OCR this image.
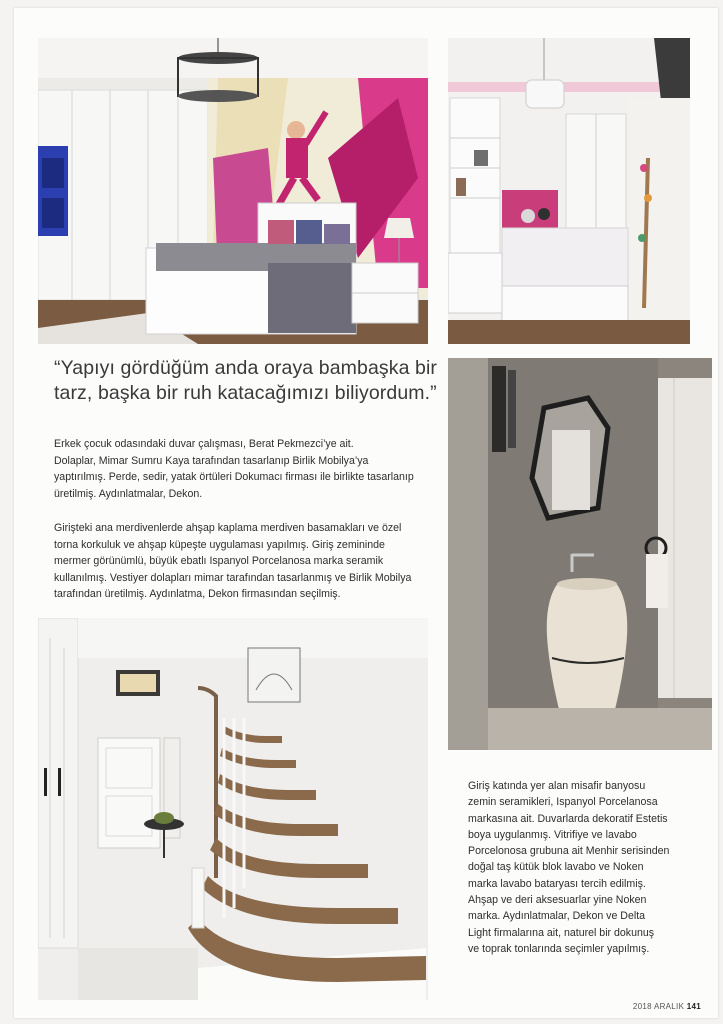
“Yapıyı gördüğüm anda oraya bambaşka bir
tarz, başka bir ruh katacağımızı biliyordum.”

Erkek çocuk odasındaki duvar çalışması, Berat Pekmezci’ye ait.

Dolaplar, Mimar Sumru Kaya tarafından tasarlanıp Birlik Mobilya’ya

yaptırılmış. Perde, sedir, yatak örtüleri Dokumacı firması ile birlikte tasarlanıp

üretilmiş. Aydınlatmalar, Dekon.

Girişteki ana merdivenlerde ahşap kaplama merdiven basamakları ve özel

torna korkuluk ve ahşap küpeşte uygulaması yapılmış. Giriş zemininde

mermer görünümlü, büyük ebatlı Ispanyol Porcelanosa marka seramik

kullanılmış. Vestiyer dolapları mimar tarafından tasarlanmış ve Birlik Mobilya

tarafından üretilmiş. Aydınlatma, Dekon firmasından seçilmiş.

Giriş katında yer alan misafir banyosu

zemin seramikleri, Ispanyol Porcelanosa

markasına ait. Duvarlarda dekoratif Estetis

boya uygulanmış. Vitrifiye ve lavabo

Porcelonosa grubuna ait Menhir serisinden

doğal taş kütük blok lavabo ve Noken

marka lavabo bataryası tercih edilmiş.

Ahşap ve deri aksesuarlar yine Noken

marka. Aydınlatmalar, Dekon ve Delta

Light firmalarına ait, naturel bir dokunuş

ve toprak tonlarında seçimler yapılmış.

2018 ARALIK 141
